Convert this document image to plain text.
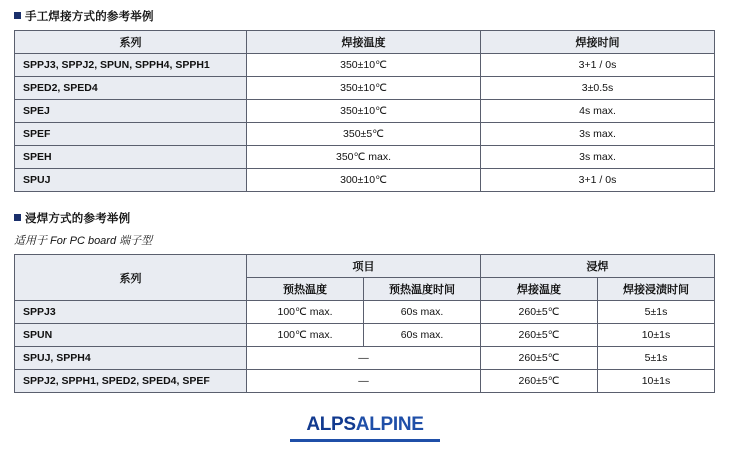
手工焊接方式的参考举例
系列	焊接温度	焊接时间
SPPJ3, SPPJ2, SPUN, SPPH4, SPPH1	350±10℃	3+1 / 0s
SPED2, SPED4	350±10℃	3±0.5s
SPEJ	350±10℃	4s max.
SPEF	350±5℃	3s max.
SPEH	350℃ max.	3s max.
SPUJ	300±10℃	3+1 / 0s
浸焊方式的参考举例
适用于 For PC board 端子型
系列	项目		浸焊	
	预热温度	预热温度时间	焊接温度	焊接浸渍时间
SPPJ3	100℃ max.	60s max.	260±5℃	5±1s
SPUN	100℃ max.	60s max.	260±5℃	10±1s
SPUJ, SPPH4	—		260±5℃	5±1s
SPPJ2, SPPH1, SPED2, SPED4, SPEF	—		260±5℃	10±1s
ALPSALPINE
